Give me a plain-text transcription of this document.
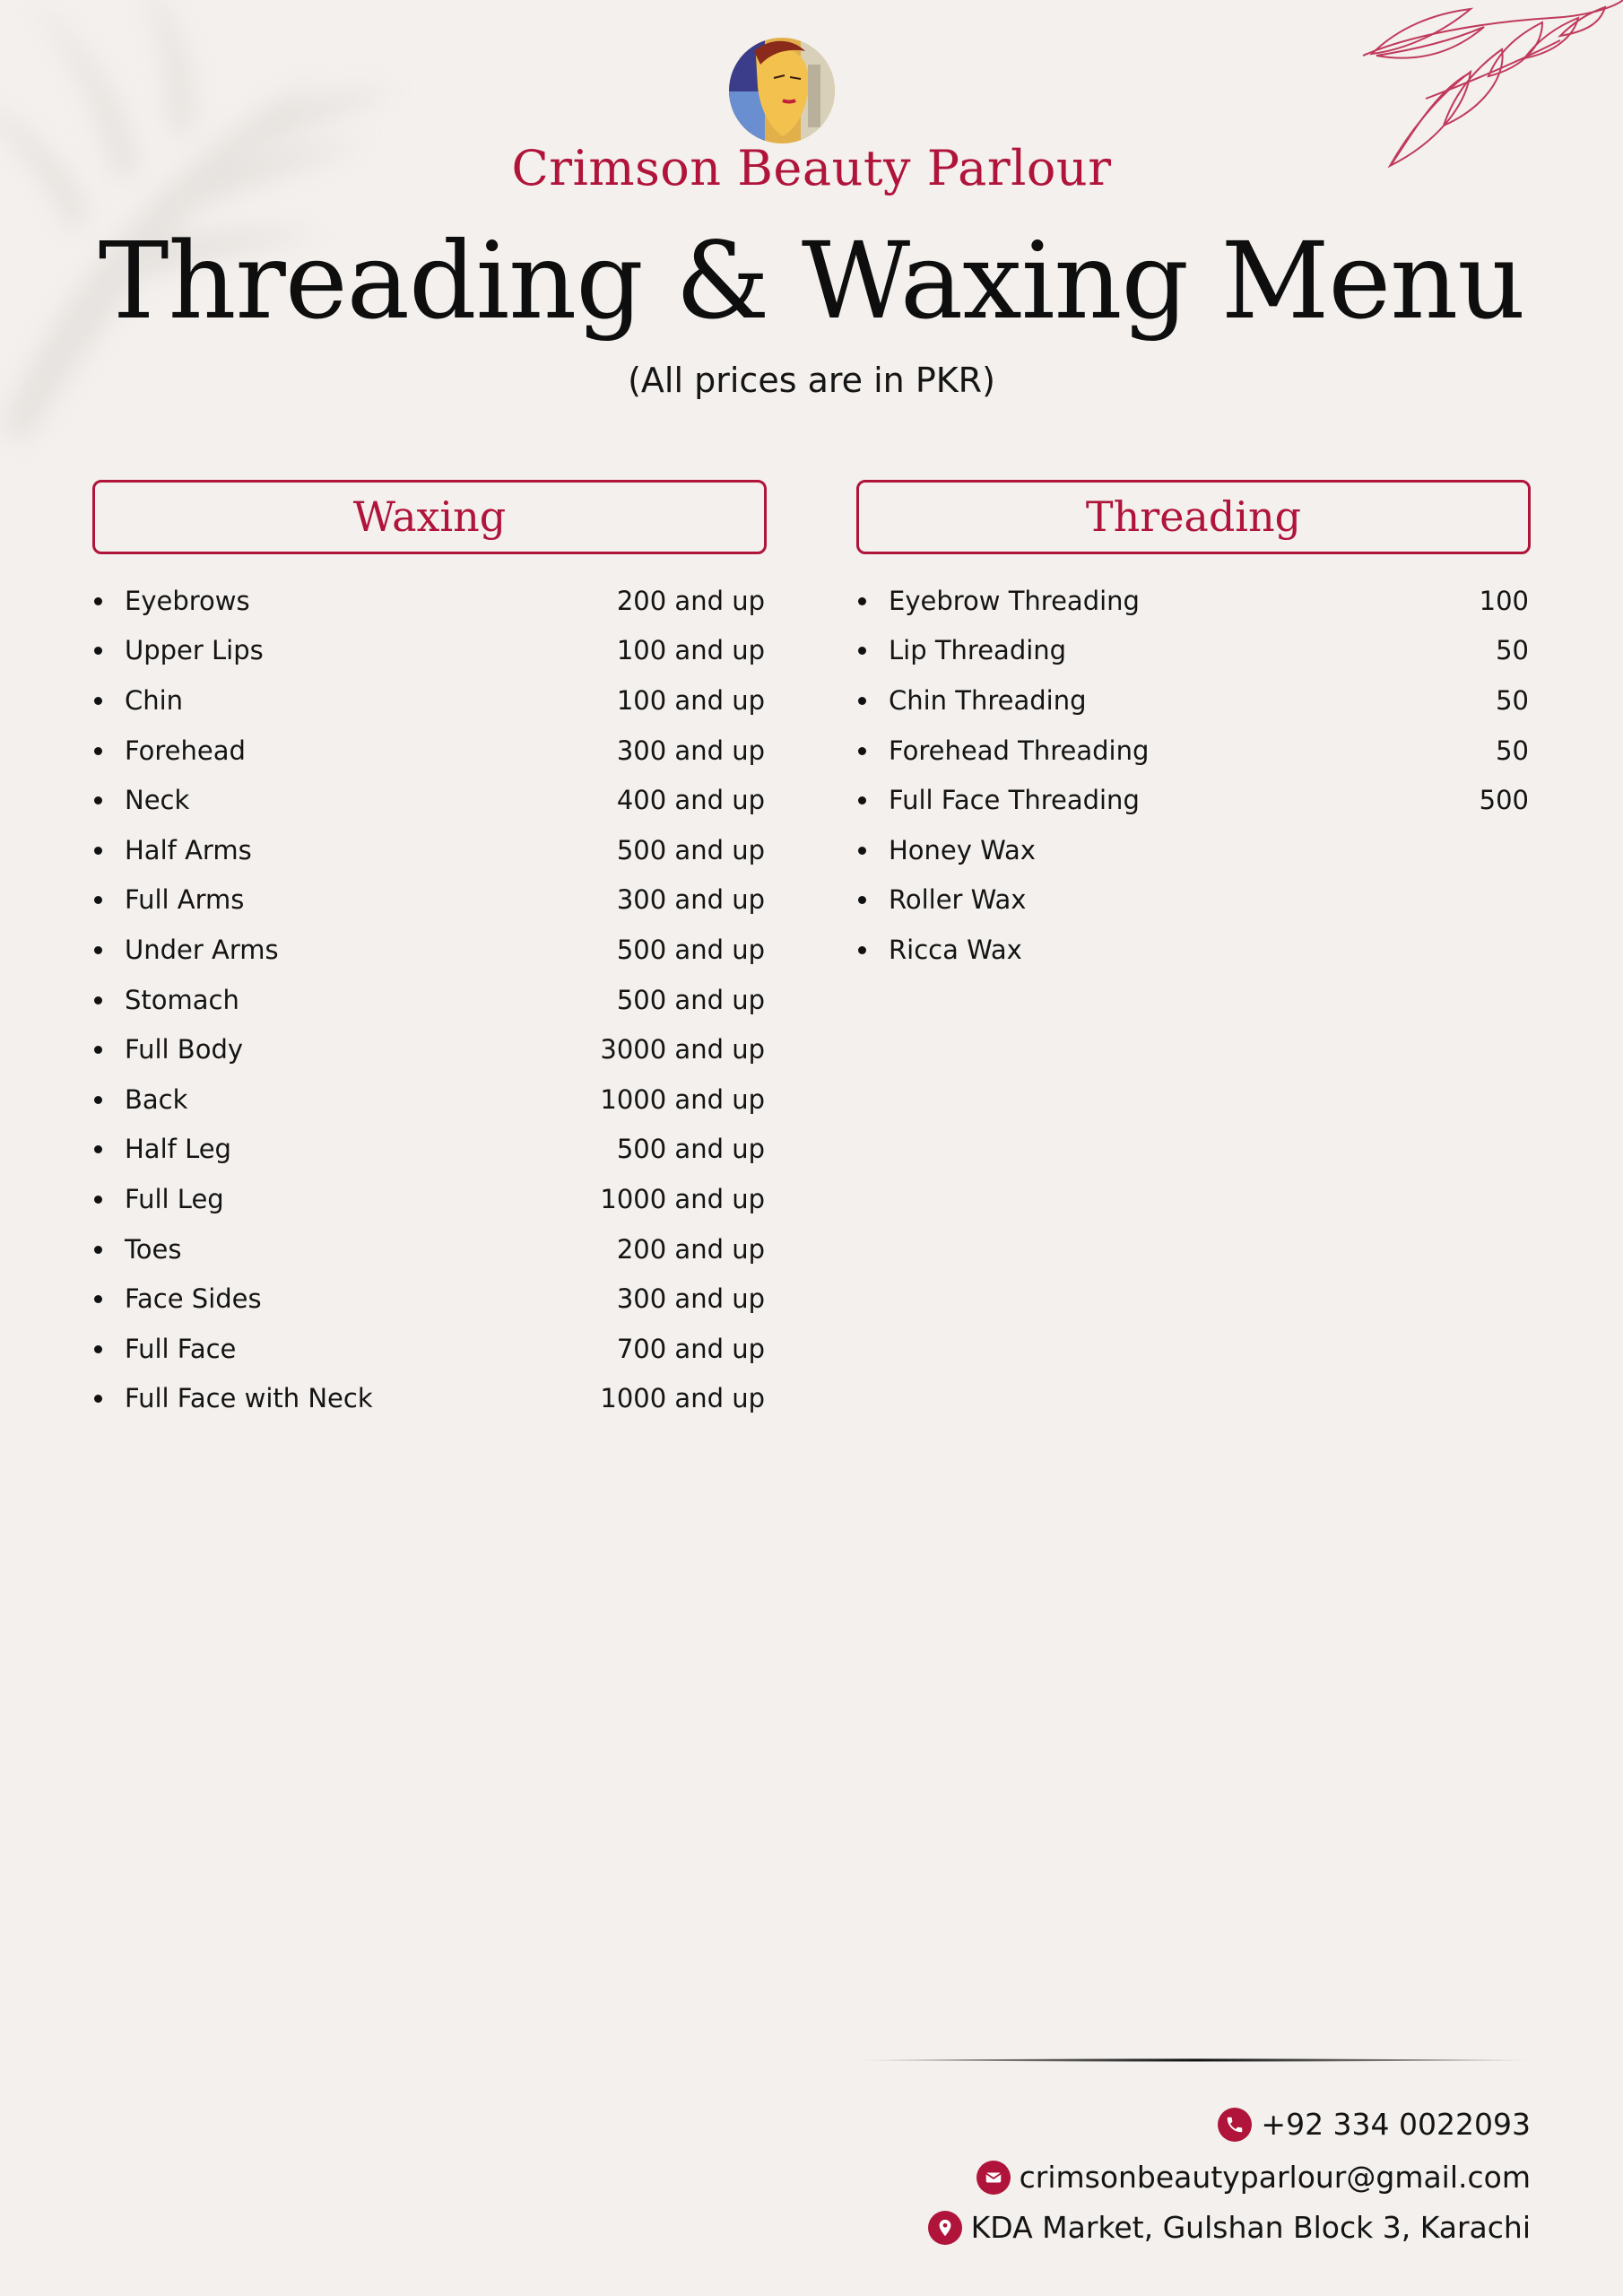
Crimson Beauty Parlour
Threading & Waxing Menu
(All prices are in PKR)
Waxing
Eyebrows	200 and up
Upper Lips	100 and up
Chin	100 and up
Forehead	300 and up
Neck	400 and up
Half Arms	500 and up
Full Arms	300 and up
Under Arms	500 and up
Stomach	500 and up
Full Body	3000 and up
Back	1000 and up
Half Leg	500 and up
Full Leg	1000 and up
Toes	200 and up
Face Sides	300 and up
Full Face	700 and up
Full Face with Neck	1000 and up
Threading
Eyebrow Threading	100
Lip Threading	50
Chin Threading	50
Forehead Threading	50
Full Face Threading	500
Honey Wax
Roller Wax
Ricca Wax
+92 334 0022093
crimsonbeautyparlour@gmail.com
KDA Market, Gulshan Block 3, Karachi
